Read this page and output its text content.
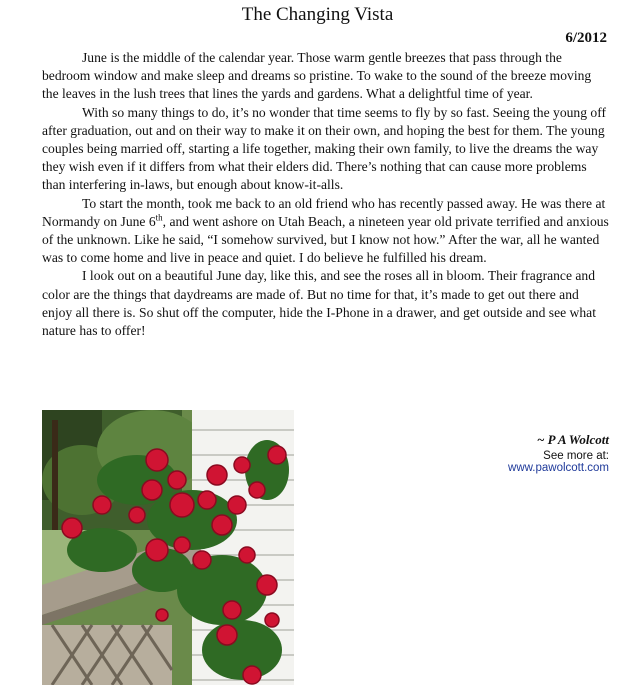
The Changing Vista
6/2012

June is the middle of the calendar year. Those warm gentle breezes that pass through the bedroom window and make sleep and dreams so pristine. To wake to the sound of the breeze moving the leaves in the lush trees that lines the yards and gardens. What a delightful time of year.

With so many things to do, it’s no wonder that time seems to fly by so fast. Seeing the young off after graduation, out and on their way to make it on their own, and hoping the best for them. The young couples being married off, starting a life together, making their own family, to live the dreams the way they wish even if it differs from what their elders did. There’s nothing that can cause more problems than interfering in-laws, but enough about know-it-alls.

To start the month, took me back to an old friend who has recently passed away. He was there at Normandy on June 6th, and went ashore on Utah Beach, a nineteen year old private terrified and anxious of the unknown. Like he said, “I somehow survived, but I know not how.” After the war, all he wanted was to come home and live in peace and quiet. I do believe he fulfilled his dream.

I look out on a beautiful June day, like this, and see the roses all in bloom. Their fragrance and color are the things that daydreams are made of. But no time for that, it’s made to get out there and enjoy all there is. So shut off the computer, hide the I-Phone in a drawer, and get outside and see what nature has to offer!

~ P A Wolcott
See more at:
www.pawolcott.com
